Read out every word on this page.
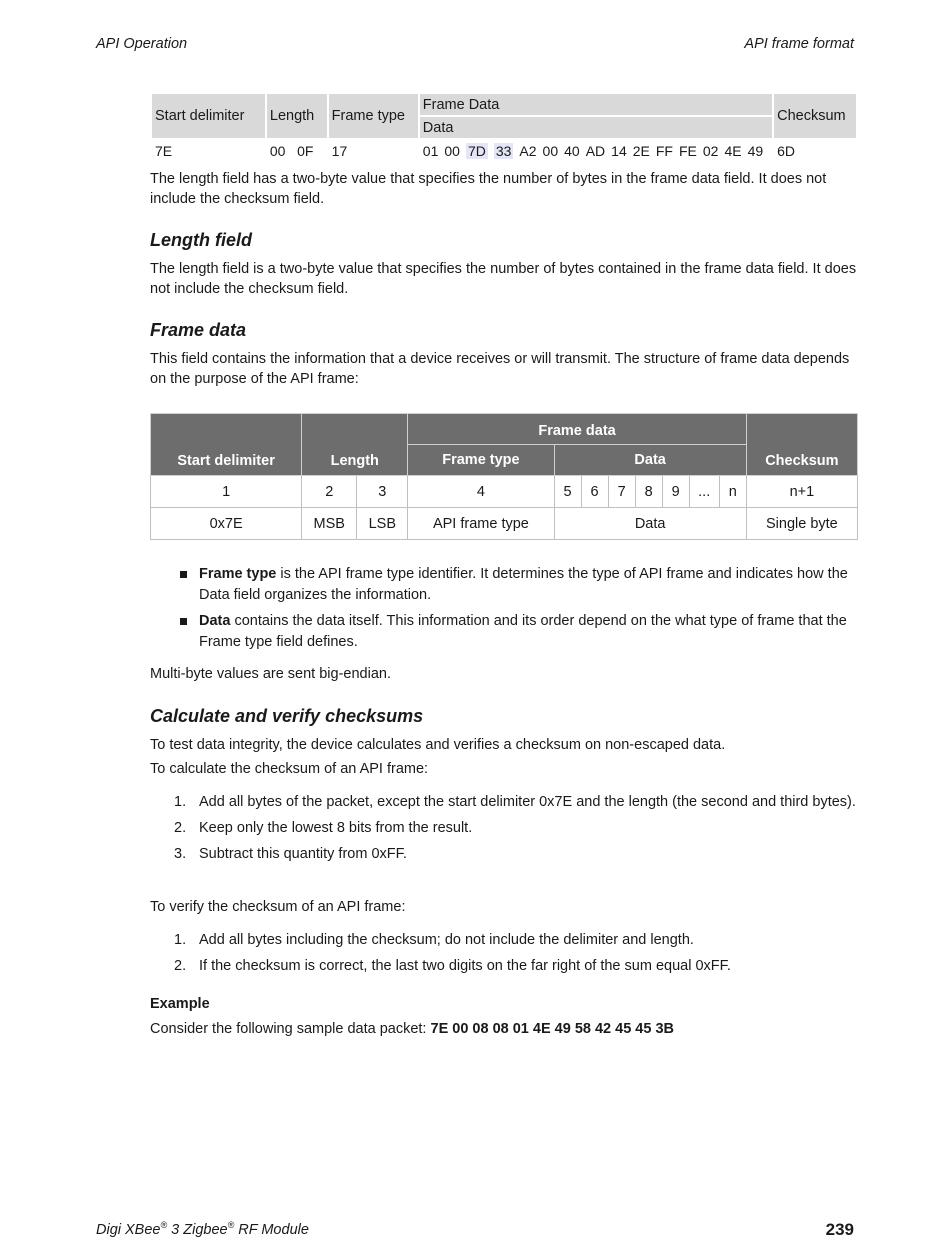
API Operation	API frame format
Start delimiter	Length	Frame type	Frame Data	Checksum
			Data	
7E	00   0F	17	01 00 7D 33 A2 00 40 AD 14 2E FF FE 02 4E 49	6D

The length field has a two-byte value that specifies the number of bytes in the frame data field. It does not include the checksum field.

Length field

The length field is a two-byte value that specifies the number of bytes contained in the frame data field. It does not include the checksum field.

Frame data

This field contains the information that a device receives or will transmit. The structure of frame data depends on the purpose of the API frame:

Start delimiter	Length		Frame data								Checksum
			Frame type	Data							
1	2	3	4	5	6	7	8	9	...	n	n+1
0x7E	MSB	LSB	API frame type	Data							Single byte
Frame type is the API frame type identifier. It determines the type of API frame and indicates how the Data field organizes the information.
Data contains the data itself. This information and its order depend on the what type of frame that the Frame type field defines.

Multi-byte values are sent big-endian.

Calculate and verify checksums

To test data integrity, the device calculates and verifies a checksum on non-escaped data.

To calculate the checksum of an API frame:

1. Add all bytes of the packet, except the start delimiter 0x7E and the length (the second and third bytes).
2. Keep only the lowest 8 bits from the result.
3. Subtract this quantity from 0xFF.

To verify the checksum of an API frame:

1. Add all bytes including the checksum; do not include the delimiter and length.
2. If the checksum is correct, the last two digits on the far right of the sum equal 0xFF.

Example

Consider the following sample data packet: 7E 00 08 08 01 4E 49 58 42 45 45 3B

Digi XBee® 3 Zigbee® RF Module	239
